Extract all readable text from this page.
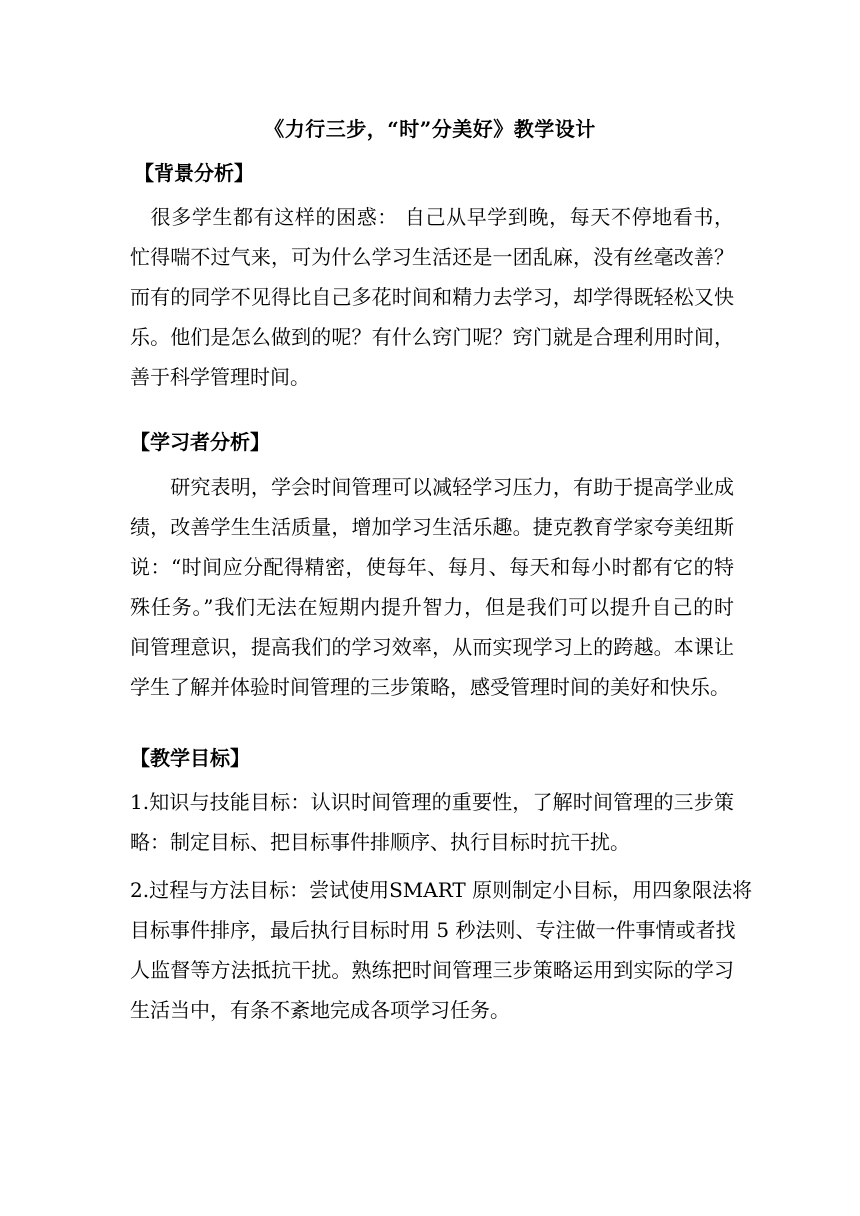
《力行三步，“时”分美好》教学设计
【背景分析】
　很多学生都有这样的困惑： 自己从早学到晚，每天不停地看书，
忙得喘不过气来，可为什么学习生活还是一团乱麻，没有丝毫改善？
而有的同学不见得比自己多花时间和精力去学习，却学得既轻松又快
乐。他们是怎么做到的呢？有什么窍门呢？窍门就是合理利用时间，
善于科学管理时间。
【学习者分析】
　　研究表明，学会时间管理可以减轻学习压力，有助于提高学业成
绩，改善学生生活质量，增加学习生活乐趣。捷克教育学家夸美纽斯
说：“时间应分配得精密，使每年、每月、每天和每小时都有它的特
殊任务。”我们无法在短期内提升智力，但是我们可以提升自己的时
间管理意识，提高我们的学习效率，从而实现学习上的跨越。本课让
学生了解并体验时间管理的三步策略，感受管理时间的美好和快乐。
【教学目标】
1.知识与技能目标：认识时间管理的重要性，了解时间管理的三步策
略：制定目标、把目标事件排顺序、执行目标时抗干扰。
2.过程与方法目标：尝试使用SMART 原则制定小目标，用四象限法将
目标事件排序，最后执行目标时用 5 秒法则、专注做一件事情或者找
人监督等方法抵抗干扰。熟练把时间管理三步策略运用到实际的学习
生活当中，有条不紊地完成各项学习任务。
